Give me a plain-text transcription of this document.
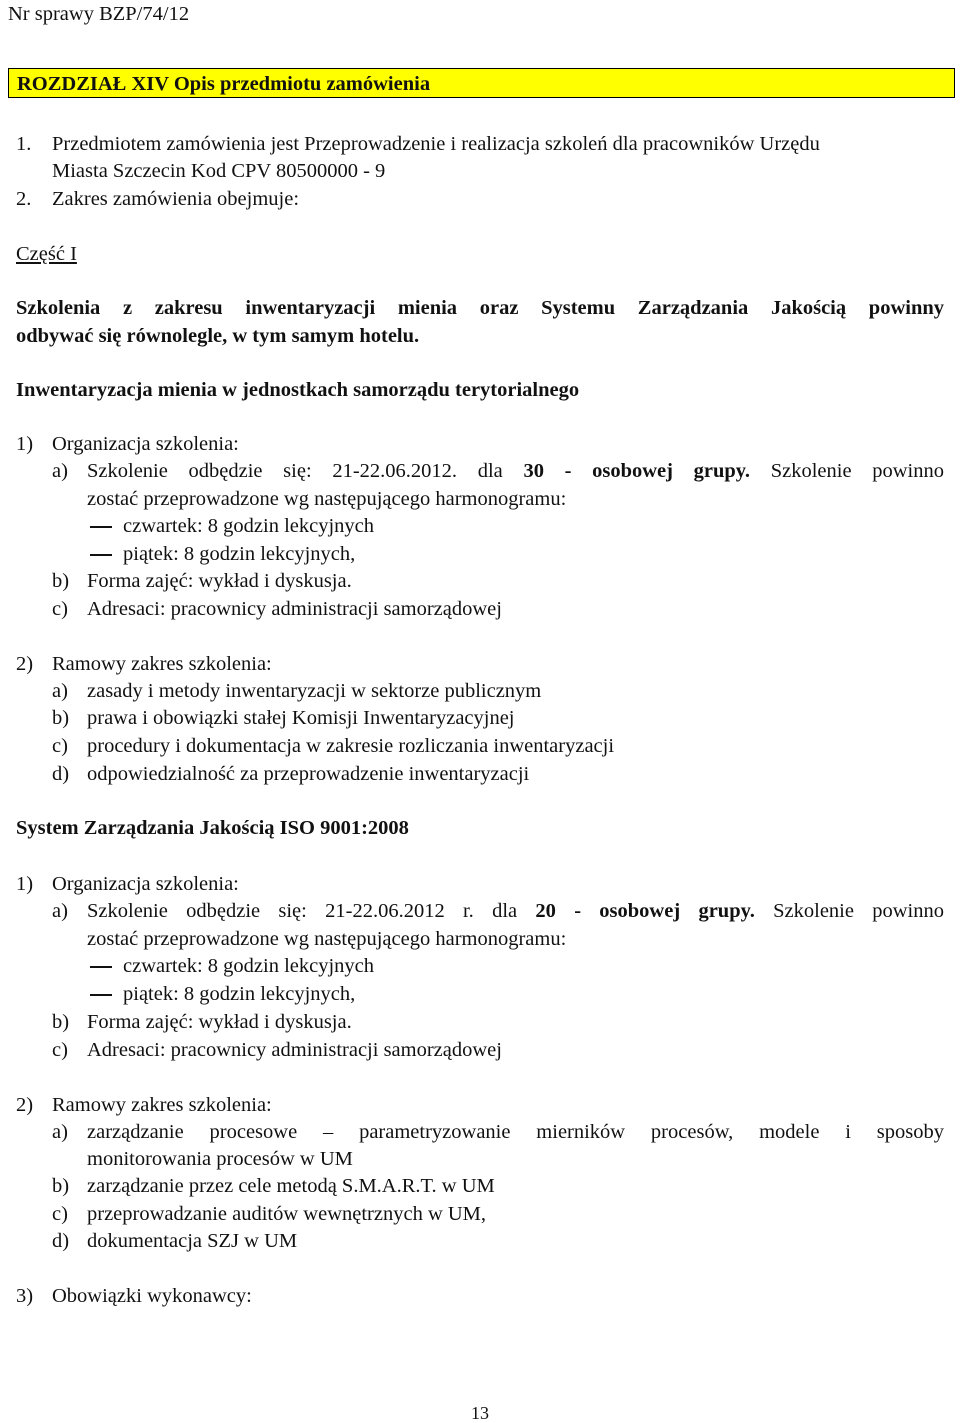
Nr sprawy BZP/74/12
ROZDZIAŁ XIV Opis przedmiotu zamówienia
1. Przedmiotem zamówienia jest Przeprowadzenie i realizacja szkoleń dla pracowników Urzędu
Miasta Szczecin Kod CPV 80500000 - 9
2. Zakres zamówienia obejmuje:
Część I
Szkolenia z zakresu inwentaryzacji mienia oraz Systemu Zarządzania Jakością powinny
odbywać się równolegle, w tym samym hotelu.
Inwentaryzacja mienia w jednostkach samorządu terytorialnego
1) Organizacja szkolenia:
a) Szkolenie odbędzie się: 21-22.06.2012. dla 30 - osobowej grupy. Szkolenie powinno
zostać przeprowadzone wg następującego harmonogramu:
czwartek: 8 godzin lekcyjnych
piątek: 8 godzin lekcyjnych,
b) Forma zajęć: wykład i dyskusja.
c) Adresaci: pracownicy administracji samorządowej
2) Ramowy zakres szkolenia:
a) zasady i metody inwentaryzacji w sektorze publicznym
b) prawa i obowiązki stałej Komisji Inwentaryzacyjnej
c) procedury i dokumentacja w zakresie rozliczania inwentaryzacji
d) odpowiedzialność za przeprowadzenie inwentaryzacji
System Zarządzania Jakością ISO 9001:2008
1) Organizacja szkolenia:
a) Szkolenie odbędzie się: 21-22.06.2012 r. dla 20 - osobowej grupy. Szkolenie powinno
zostać przeprowadzone wg następującego harmonogramu:
czwartek: 8 godzin lekcyjnych
piątek: 8 godzin lekcyjnych,
b) Forma zajęć: wykład i dyskusja.
c) Adresaci: pracownicy administracji samorządowej
2) Ramowy zakres szkolenia:
a) zarządzanie procesowe – parametryzowanie mierników procesów, modele i sposoby
monitorowania procesów w UM
b) zarządzanie przez cele metodą S.M.A.R.T. w UM
c) przeprowadzanie auditów wewnętrznych w UM,
d) dokumentacja SZJ w UM
3) Obowiązki wykonawcy:
13
